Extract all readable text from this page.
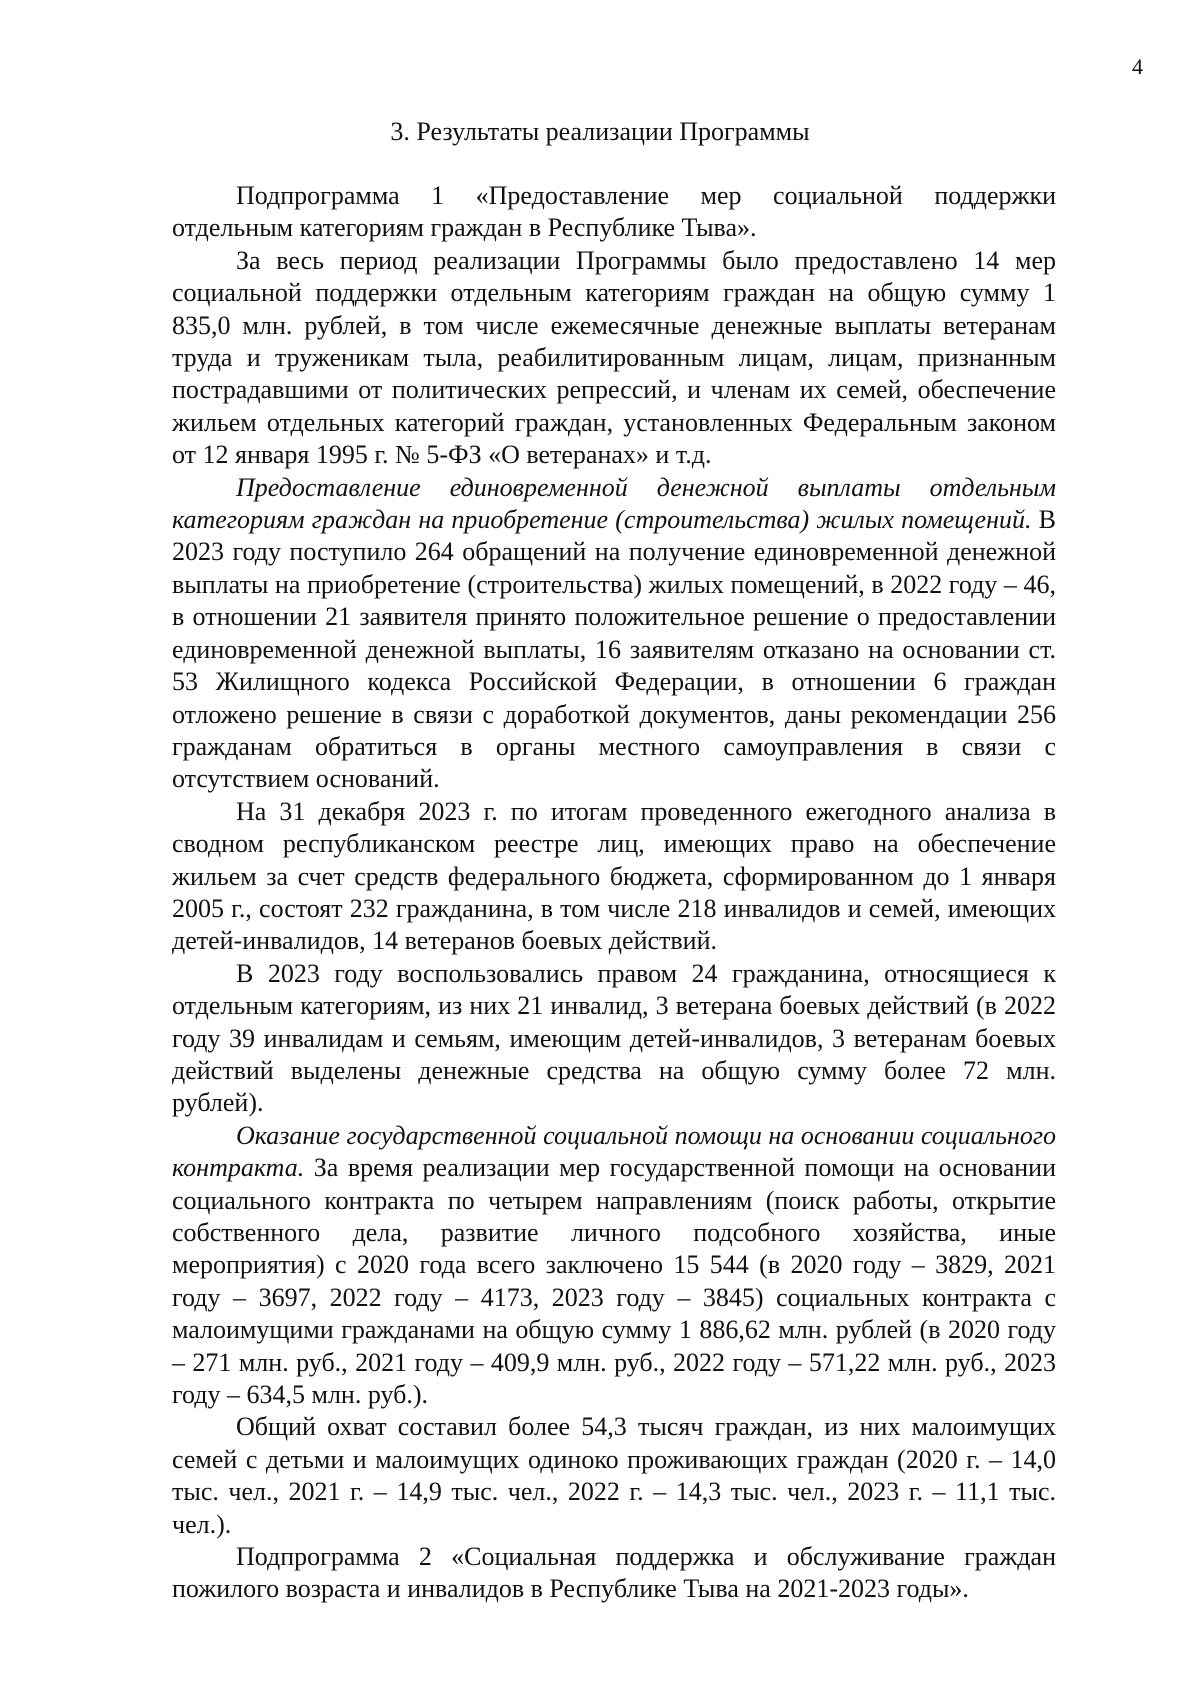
4
3. Результаты реализации Программы

Подпрограмма 1 «Предоставление мер социальной поддержки отдельным категориям граждан в Республике Тыва».

За весь период реализации Программы было предоставлено 14 мер социальной поддержки отдельным категориям граждан на общую сумму 1 835,0 млн. рублей, в том числе ежемесячные денежные выплаты ветеранам труда и труженикам тыла, реабилитированным лицам, лицам, признанным пострадавшими от политических репрессий, и членам их семей, обеспечение жильем отдельных категорий граждан, установленных Федеральным законом от 12 января 1995 г. № 5-ФЗ «О ветеранах» и т.д.

Предоставление единовременной денежной выплаты отдельным категориям граждан на приобретение (строительства) жилых помещений. В 2023 году поступило 264 обращений на получение единовременной денежной выплаты на приобретение (строительства) жилых помещений, в 2022 году – 46, в отношении 21 заявителя принято положительное решение о предоставлении единовременной денежной выплаты, 16 заявителям отказано на основании ст. 53 Жилищного кодекса Российской Федерации, в отношении 6 граждан отложено решение в связи с доработкой документов, даны рекомендации 256 гражданам обратиться в органы местного самоуправления в связи с отсутствием оснований.

На 31 декабря 2023 г. по итогам проведенного ежегодного анализа в сводном республиканском реестре лиц, имеющих право на обеспечение жильем за счет средств федерального бюджета, сформированном до 1 января 2005 г., состоят 232 гражданина, в том числе 218 инвалидов и семей, имеющих детей-инвалидов, 14 ветеранов боевых действий.

В 2023 году воспользовались правом 24 гражданина, относящиеся к отдельным категориям, из них 21 инвалид, 3 ветерана боевых действий (в 2022 году 39 инвалидам и семьям, имеющим детей-инвалидов, 3 ветеранам боевых действий выделены денежные средства на общую сумму более 72 млн. рублей).

Оказание государственной социальной помощи на основании социального контракта. За время реализации мер государственной помощи на основании социального контракта по четырем направлениям (поиск работы, открытие собственного дела, развитие личного подсобного хозяйства, иные мероприятия) с 2020 года всего заключено 15 544 (в 2020 году – 3829, 2021 году – 3697, 2022 году – 4173, 2023 году – 3845) социальных контракта с малоимущими гражданами на общую сумму 1 886,62 млн. рублей (в 2020 году – 271 млн. руб., 2021 году – 409,9 млн. руб., 2022 году – 571,22 млн. руб., 2023 году – 634,5 млн. руб.).

Общий охват составил более 54,3 тысяч граждан, из них малоимущих семей с детьми и малоимущих одиноко проживающих граждан (2020 г. – 14,0 тыс. чел., 2021 г. – 14,9 тыс. чел., 2022 г. – 14,3 тыс. чел., 2023 г. – 11,1 тыс. чел.).

Подпрограмма 2 «Социальная поддержка и обслуживание граждан пожилого возраста и инвалидов в Республике Тыва на 2021-2023 годы».
